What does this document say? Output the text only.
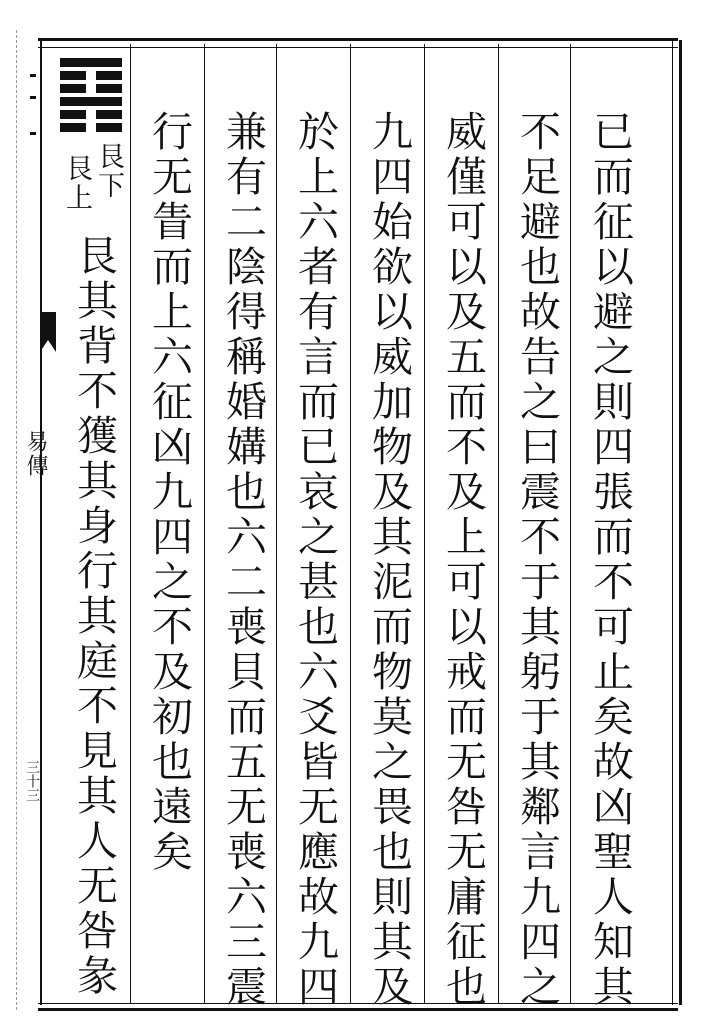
易傳
三十三
艮下
艮上
艮其背不獲其身行其庭不見其人无咎彖	已而征以避之則四張而不可止矣故凶聖人知其
不足避也故告之曰震不于其躬于其鄰言九四之
威僅可以及五而不及上可以戒而无咎无庸征也
九四始欲以威加物及其泥而物莫之畏也則其及
於上六者有言而已哀之甚也六爻皆无應故九四
兼有二陰得稱婚媾也六二喪貝而五无喪六三震
行无眚而上六征凶九四之不及初也遠矣
